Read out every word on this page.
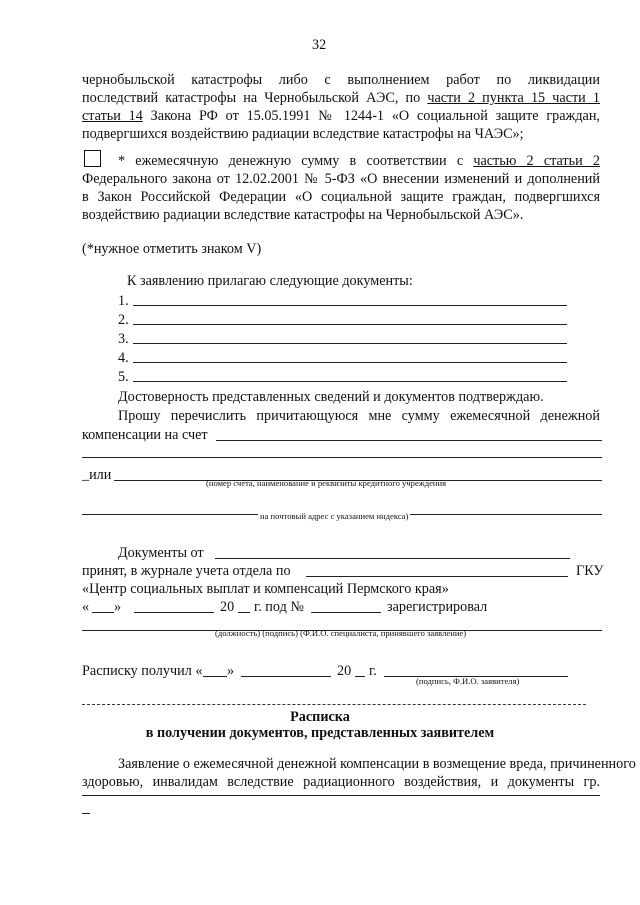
32
чернобыльской катастрофы либо с выполнением работ по ликвидации
последствий катастрофы на Чернобыльской АЭС, по части 2 пункта 15 части 1
статьи 14 Закона РФ от 15.05.1991 № 1244-1 «О социальной защите граждан,
подвергшихся воздействию радиации вследствие катастрофы на ЧАЭС»;
* ежемесячную денежную сумму в соответствии с частью 2 статьи 2
Федерального закона от 12.02.2001 № 5-ФЗ «О внесении изменений и дополнений
в Закон Российской Федерации «О социальной защите граждан, подвергшихся
воздействию радиации вследствие катастрофы на Чернобыльской АЭС».
(*нужное отметить знаком V)
К заявлению прилагаю следующие документы:
1.
2.
3.
4.
5.
Достоверность представленных сведений и документов подтверждаю.
Прошу перечислить причитающуюся мне сумму ежемесячной денежной
компенсации на счет
_или	(номер счета, наименование и реквизиты кредитного учреждения
на почтовый адрес с указанием индекса)
Документы от
принят, в журнале учета отдела по	ГКУ
«Центр социальных выплат и компенсаций Пермского края»
« »	20 г. под №	зарегистрировал
(должность) (подпись) (Ф.И.О. специалиста, принявшего заявление)
Расписку получил « »	20 г.
(подпись, Ф.И.О. заявителя)
Расписка
в получении документов, представленных заявителем
Заявление о ежемесячной денежной компенсации в возмещение вреда, причиненного
здоровью, инвалидам вследствие радиационного воздействия, и документы гр.
